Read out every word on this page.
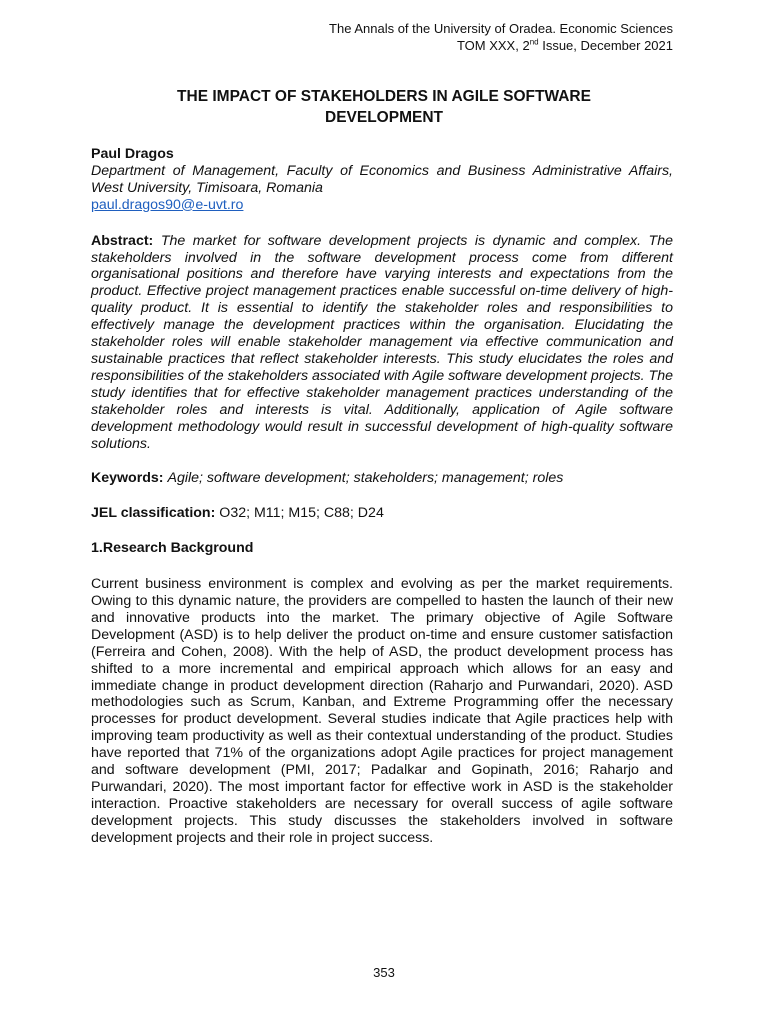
The Annals of the University of Oradea. Economic Sciences
TOM XXX, 2nd Issue, December 2021
THE IMPACT OF STAKEHOLDERS IN AGILE SOFTWARE
DEVELOPMENT

Paul Dragos

Department of Management, Faculty of Economics and Business Administrative Affairs, West University, Timisoara, Romania

paul.dragos90@e-uvt.ro

Abstract: The market for software development projects is dynamic and complex. The stakeholders involved in the software development process come from different organisational positions and therefore have varying interests and expectations from the product. Effective project management practices enable successful on-time delivery of high-quality product. It is essential to identify the stakeholder roles and responsibilities to effectively manage the development practices within the organisation. Elucidating the stakeholder roles will enable stakeholder management via effective communication and sustainable practices that reflect stakeholder interests. This study elucidates the roles and responsibilities of the stakeholders associated with Agile software development projects. The study identifies that for effective stakeholder management practices understanding of the stakeholder roles and interests is vital. Additionally, application of Agile software development methodology would result in successful development of high-quality software solutions.

Keywords: Agile; software development; stakeholders; management; roles

JEL classification: O32; M11; M15; C88; D24

1.Research Background

Current business environment is complex and evolving as per the market requirements. Owing to this dynamic nature, the providers are compelled to hasten the launch of their new and innovative products into the market. The primary objective of Agile Software Development (ASD) is to help deliver the product on-time and ensure customer satisfaction (Ferreira and Cohen, 2008). With the help of ASD, the product development process has shifted to a more incremental and empirical approach which allows for an easy and immediate change in product development direction (Raharjo and Purwandari, 2020). ASD methodologies such as Scrum, Kanban, and Extreme Programming offer the necessary processes for product development. Several studies indicate that Agile practices help with improving team productivity as well as their contextual understanding of the product. Studies have reported that 71% of the organizations adopt Agile practices for project management and software development (PMI, 2017; Padalkar and Gopinath, 2016; Raharjo and Purwandari, 2020). The most important factor for effective work in ASD is the stakeholder interaction. Proactive stakeholders are necessary for overall success of agile software development projects. This study discusses the stakeholders involved in software development projects and their role in project success.

353
